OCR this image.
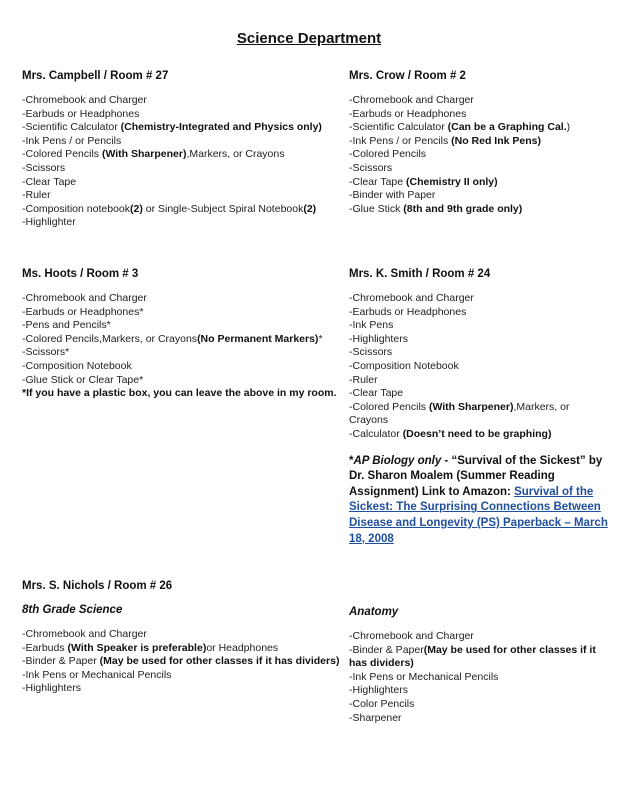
Science Department
Mrs. Campbell / Room # 27
-Chromebook and Charger
-Earbuds or Headphones
-Scientific Calculator (Chemistry-Integrated and Physics only)
-Ink Pens / or Pencils
-Colored Pencils (With Sharpener),Markers, or Crayons
-Scissors
-Clear Tape
-Ruler
-Composition notebook(2) or Single-Subject Spiral Notebook(2)
-Highlighter
Mrs. Crow / Room # 2
-Chromebook and Charger
-Earbuds or Headphones
-Scientific Calculator (Can be a Graphing Cal.)
-Ink Pens / or Pencils (No Red Ink Pens)
-Colored Pencils
-Scissors
-Clear Tape (Chemistry II only)
-Binder with Paper
-Glue Stick (8th and 9th grade only)
Ms. Hoots / Room # 3
-Chromebook and Charger
-Earbuds or Headphones*
-Pens and Pencils*
-Colored Pencils,Markers, or Crayons(No Permanent Markers)*
-Scissors*
-Composition Notebook
-Glue Stick or Clear Tape*
*If you have a plastic box, you can leave the above in my room.
Mrs. K. Smith / Room # 24
-Chromebook and Charger
-Earbuds or Headphones
-Ink Pens
-Highlighters
-Scissors
-Composition Notebook
-Ruler
-Clear Tape
-Colored Pencils (With Sharpener),Markers, or Crayons
-Calculator (Doesn’t need to be graphing)
*AP Biology only - “Survival of the Sickest” by Dr. Sharon Moalem (Summer Reading Assignment) Link to Amazon: Survival of the Sickest: The Surprising Connections Between Disease and Longevity (PS) Paperback – March 18, 2008
Mrs. S. Nichols / Room # 26
8th Grade Science
-Chromebook and Charger
-Earbuds (With Speaker is preferable)or Headphones
-Binder & Paper (May be used for other classes if it has dividers)
-Ink Pens or Mechanical Pencils
-Highlighters
Anatomy
-Chromebook and Charger
-Binder & Paper(May be used for other classes if it has dividers)
-Ink Pens or Mechanical Pencils
-Highlighters
-Color Pencils
-Sharpener
